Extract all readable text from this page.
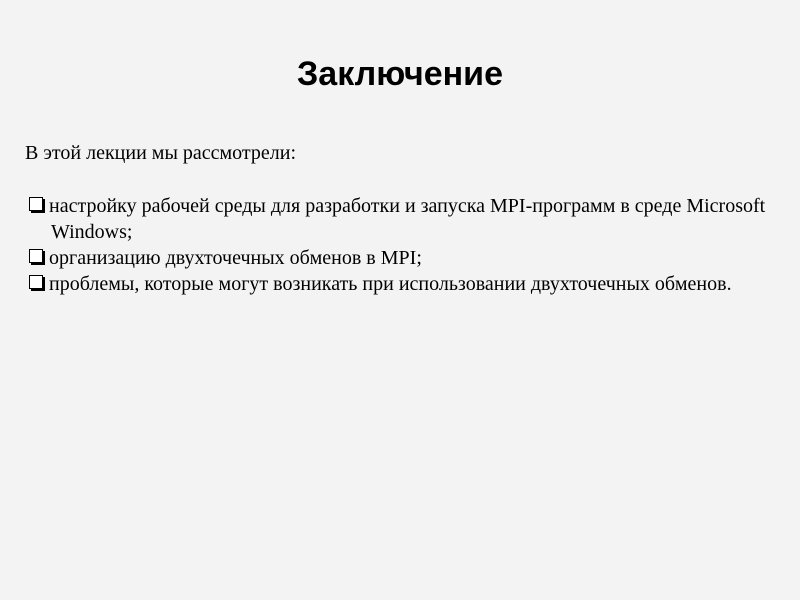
Заключение
В этой лекции мы рассмотрели:
настройку рабочей среды для разработки и запуска MPI-программ в среде Microsoft Windows;
организацию двухточечных обменов в MPI;
проблемы, которые могут возникать при использовании двухточечных обменов.
